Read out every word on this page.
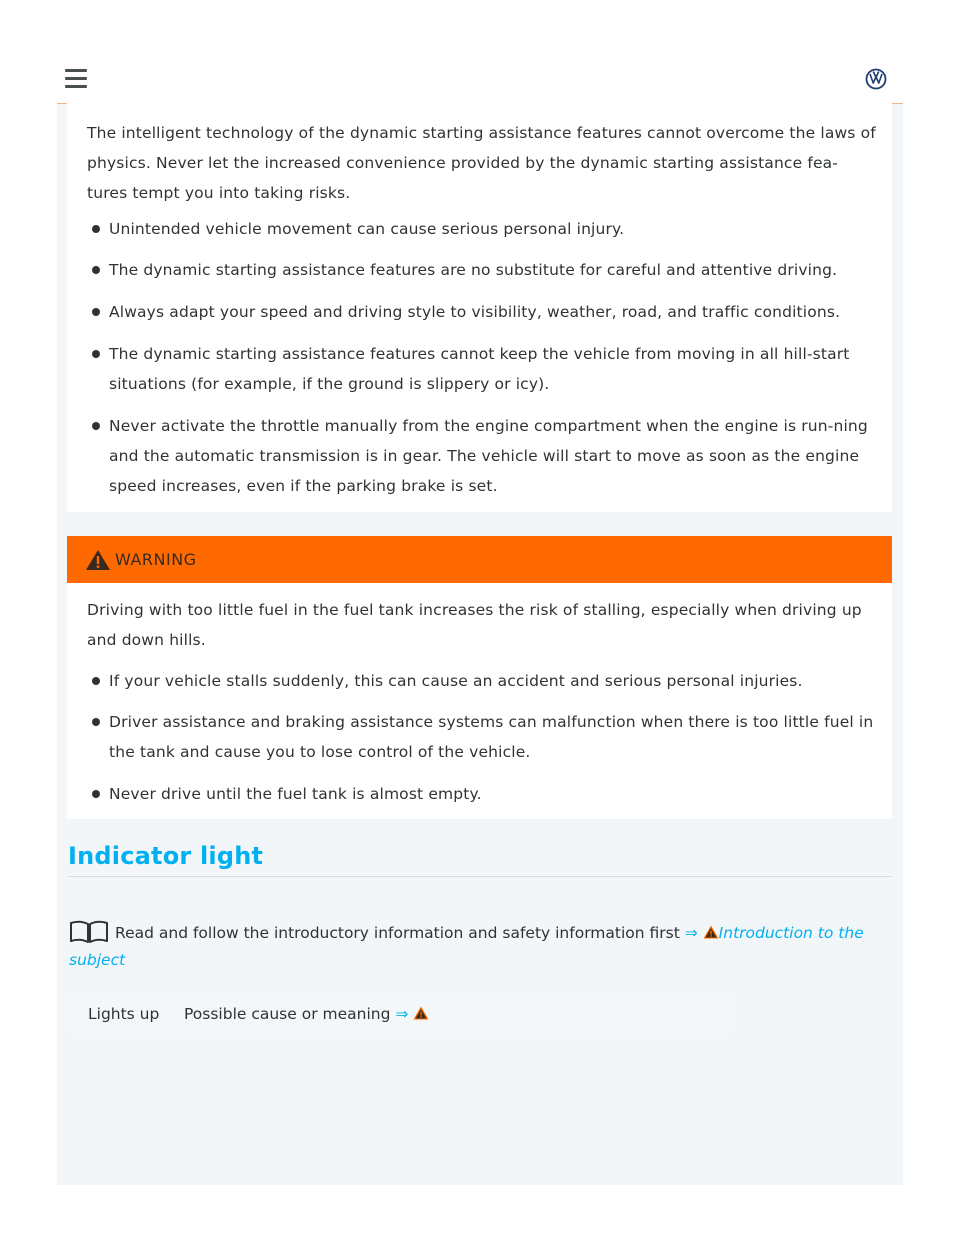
The intelligent technology of the dynamic starting assistance features cannot overcome the laws of physics. Never let the increased convenience provided by the dynamic starting assistance fea-tures tempt you into taking risks.
Unintended vehicle movement can cause serious personal injury.
The dynamic starting assistance features are no substitute for careful and attentive driving.
Always adapt your speed and driving style to visibility, weather, road, and traffic conditions.
The dynamic starting assistance features cannot keep the vehicle from moving in all hill-start situations (for example, if the ground is slippery or icy).
Never activate the throttle manually from the engine compartment when the engine is run-ning and the automatic transmission is in gear. The vehicle will start to move as soon as the engine speed increases, even if the parking brake is set.
WARNING
Driving with too little fuel in the fuel tank increases the risk of stalling, especially when driving up and down hills.
If your vehicle stalls suddenly, this can cause an accident and serious personal injuries.
Driver assistance and braking assistance systems can malfunction when there is too little fuel in the tank and cause you to lose control of the vehicle.
Never drive until the fuel tank is almost empty.
Indicator light
Read and follow the introductory information and safety information first ⇒ Introduction to the subject
Lights up Possible cause or meaning ⇒
